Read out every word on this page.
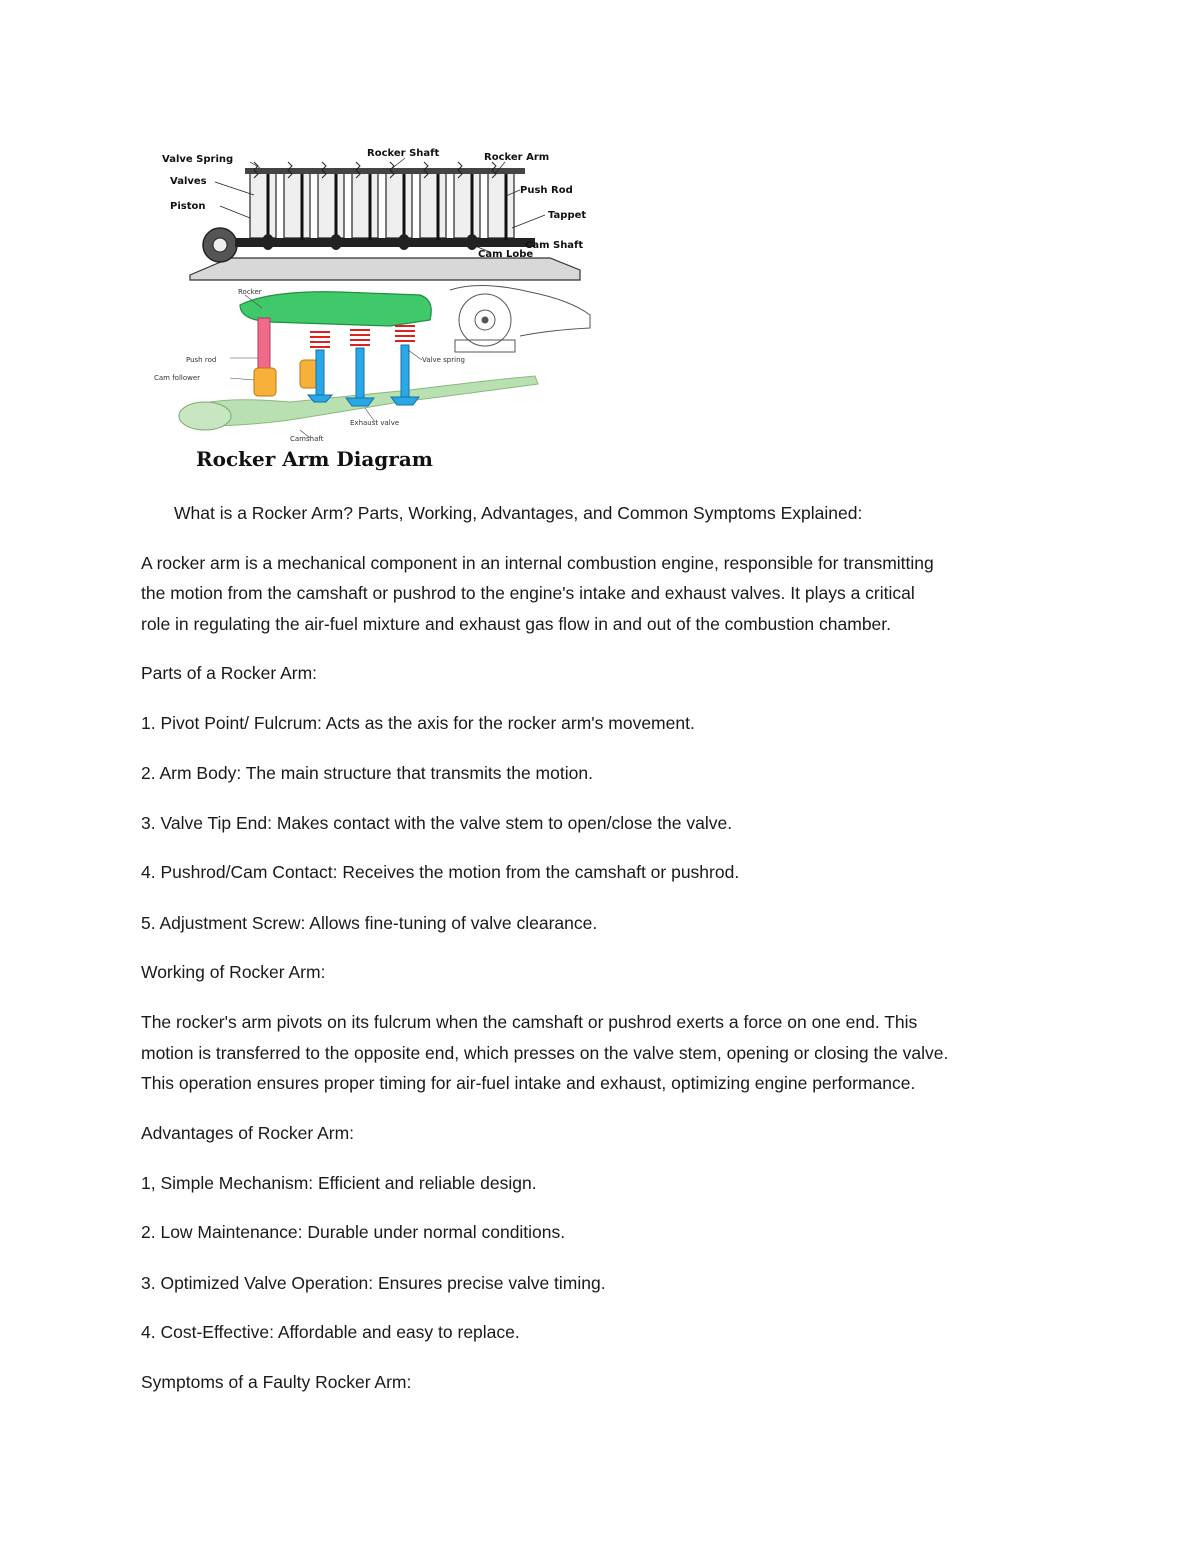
Valve Spring
Valves
Piston
Rocker Shaft	Rocker Arm
Push Rod
Tappet
Cam Shaft
Cam Lobe
Rocker
Push rod
Cam follower
Valve spring
Exhaust valve
Camshaft
Rocker Arm Diagram

What is a Rocker Arm? Parts, Working, Advantages, and Common Symptoms Explained:

A rocker arm is a mechanical component in an internal combustion engine, responsible for transmitting

the motion from the camshaft or pushrod to the engine's intake and exhaust valves. It plays a critical

role in regulating the air-fuel mixture and exhaust gas flow in and out of the combustion chamber.

Parts of a Rocker Arm:

1. Pivot Point/ Fulcrum: Acts as the axis for the rocker arm's movement.

2. Arm Body: The main structure that transmits the motion.

3. Valve Tip End: Makes contact with the valve stem to open/close the valve.

4. Pushrod/Cam Contact: Receives the motion from the camshaft or pushrod.

5. Adjustment Screw: Allows fine-tuning of valve clearance.

Working of Rocker Arm:

The rocker's arm pivots on its fulcrum when the camshaft or pushrod exerts a force on one end. This

motion is transferred to the opposite end, which presses on the valve stem, opening or closing the valve.

This operation ensures proper timing for air-fuel intake and exhaust, optimizing engine performance.

Advantages of Rocker Arm:

1, Simple Mechanism: Efficient and reliable design.

2. Low Maintenance: Durable under normal conditions.

3. Optimized Valve Operation: Ensures precise valve timing.

4. Cost-Effective: Affordable and easy to replace.

Symptoms of a Faulty Rocker Arm:
